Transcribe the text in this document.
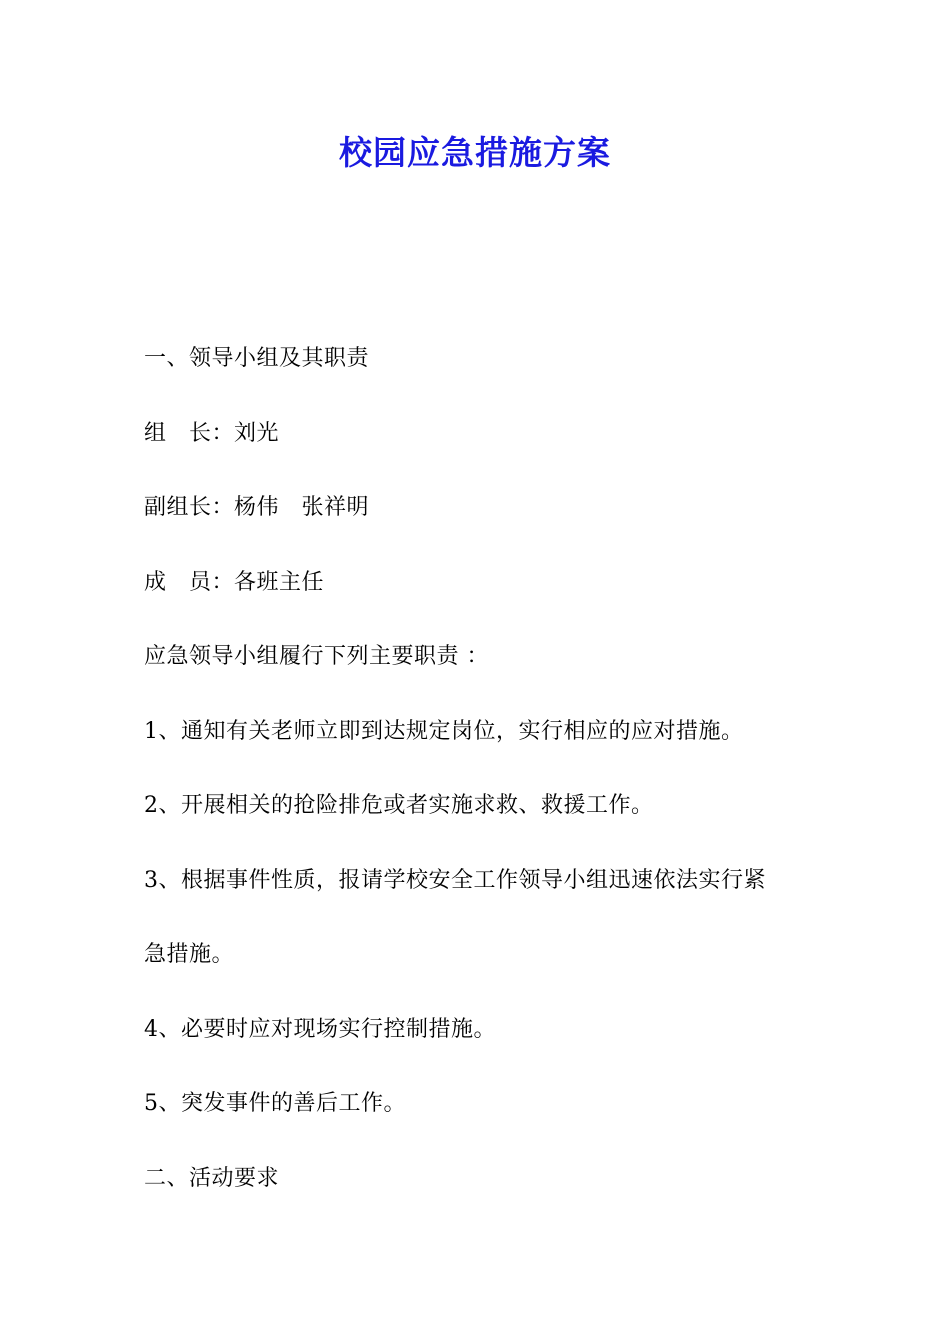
校园应急措施方案
一、领导小组及其职责
组　长：刘光
副组长：杨伟　张祥明
成　员：各班主任
应急领导小组履行下列主要职责 ：
1、通知有关老师立即到达规定岗位，实行相应的应对措施。
2、开展相关的抢险排危或者实施求救、救援工作。
3、根据事件性质，报请学校安全工作领导小组迅速依法实行紧
急措施。
4、必要时应对现场实行控制措施。
5、突发事件的善后工作。
二、活动要求
